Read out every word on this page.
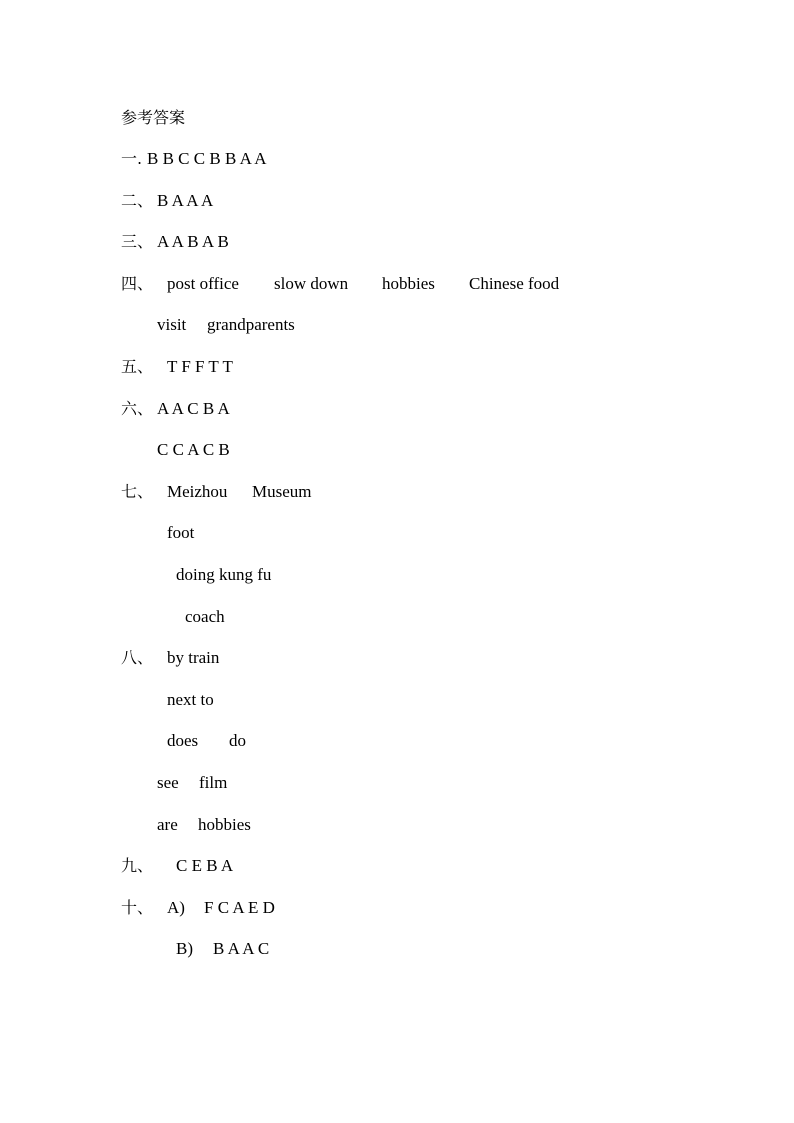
参考答案
一. B B C C B B A A
二、 B A A A
三、 A A B A B
四、 post office slow down hobbies Chinese food
visit grandparents
五、 T F F T T
六、 A A C B A
C C A C B
七、 Meizhou Museum
foot
doing kung fu
coach
八、 by train
next to
does do
see film
are hobbies
九、 C E B A
十、 A) F C A E D
B) B A A C
